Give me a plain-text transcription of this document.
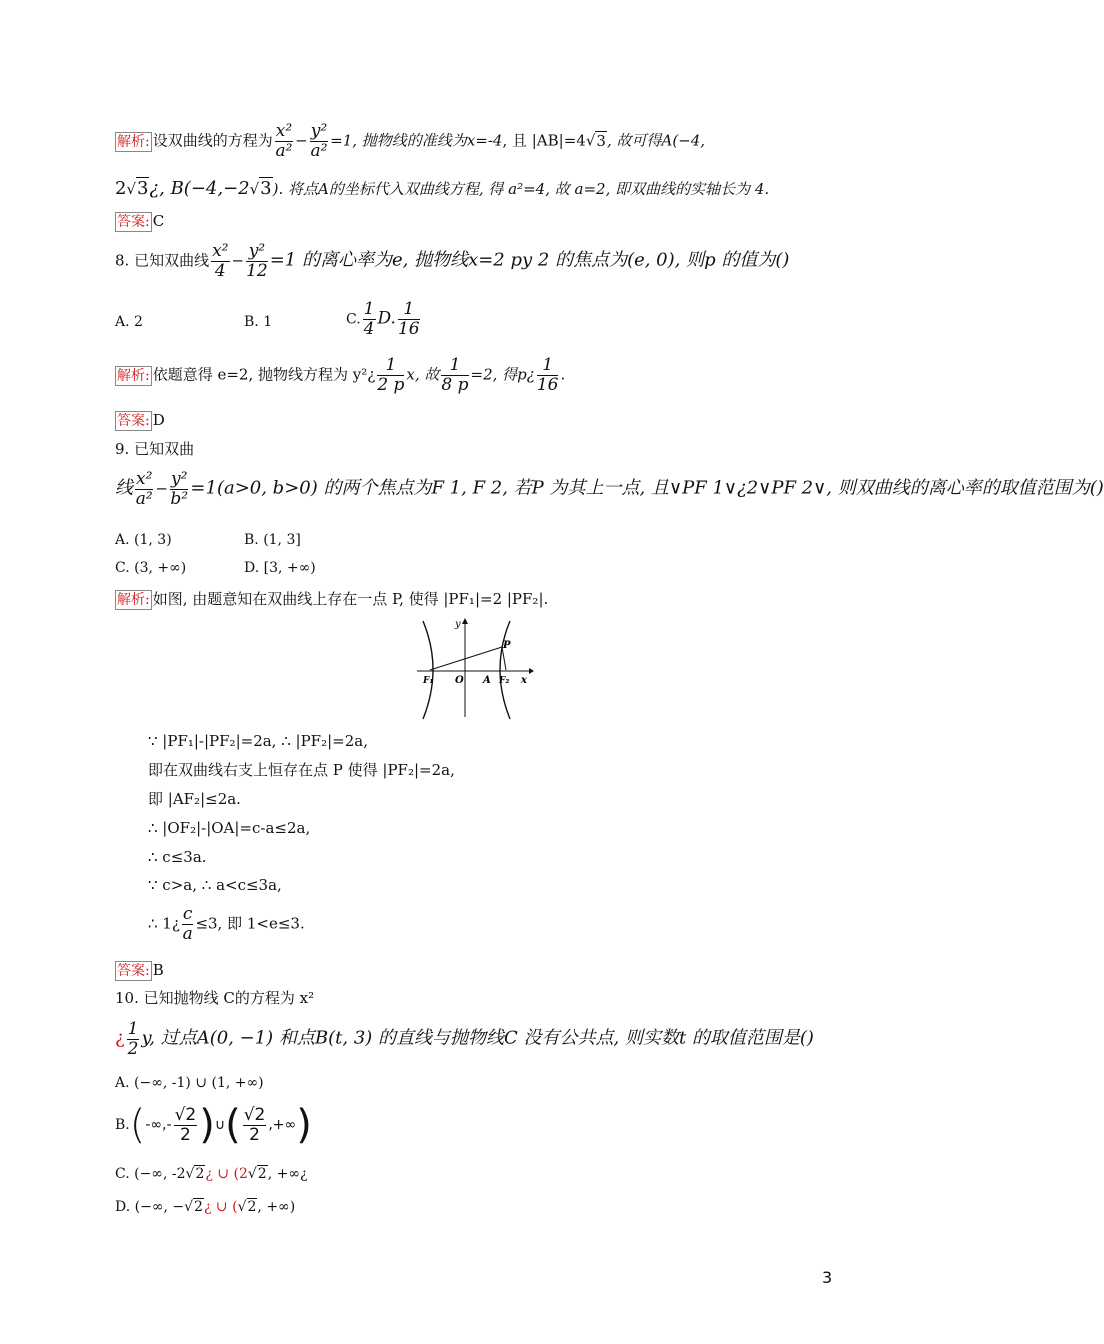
解析: 设双曲线的方程为 $\frac{\text{x²}}{\text{a²}} - \frac{\text{y²}}{\text{a²}} =1$, 抛物线的准线为x=-4, 且 |AB|=4√3, 故可得A(−4,
2√3¿, B(−4,−2√3). 将点A的坐标代入双曲线方程, 得 a²=4, 故 a=2, 即双曲线的实轴长为 4.
答案: C
8. 已知双曲线 $\frac{\text{x²}}{4} - \frac{\text{y²}}{12} =1$ 的离心率为e, 抛物线x=2 py 2 的焦点为(e, 0), 则p 的值为()
A. 2	B. 1	C. $\frac{1}{4} D$. $\frac{1}{16}$
解析: 依题意得 e=2, 抛物线方程为 y²¿ $\frac{1}{2 p} x$, 故 $\frac{1}{8 p} =2$, 得p¿ $\frac{1}{16}$ .
答案: D
9. 已知双曲
线 $\frac{\text{x²}}{\text{a²}} - \frac{\text{y²}}{\text{b²}} =1(a>0$, b>0) 的两个焦点为F 1, F 2, 若P 为其上一点, 且∨PF 1∨¿2∨PF 2∨, 则双曲线的离心率的取值范围为()
A. (1, 3)	B. (1, 3]
C. (3, +∞)	D. [3, +∞)
解析: 如图, 由题意知在双曲线上存在一点 P, 使得 |PF₁|=2 |PF₂|.
y
P
F₁ O A F₂ x
∵ |PF₁|-|PF₂|=2a, ∴ |PF₂|=2a,
即在双曲线右支上恒存在点 P 使得 |PF₂|=2a,
即 |AF₂|≤2a.
∴ |OF₂|-|OA|=c-a≤2a,
∴ c≤3a.
∵ c>a, ∴ a<c≤3a,
∴ 1¿ $\frac{c}{a} \le 3$, 即 1<e≤3.
答案: B
10. 已知抛物线 C的方程为 x²
¿ $\frac{1}{2} y$, 过点A(0, −1) 和点B(t, 3) 的直线与抛物线C 没有公共点, 则实数t 的取值范围是()
A. (−∞, -1) ∪ (1, +∞)
$B.(-\infty,- \frac{√2}{2}$ )∪( $\frac{√2}{2}$ ,+∞)
C. (−∞, -2√2¿ ∪ (2√2, +∞¿
D. (−∞, −√2¿ ∪ (√2, +∞)
3
